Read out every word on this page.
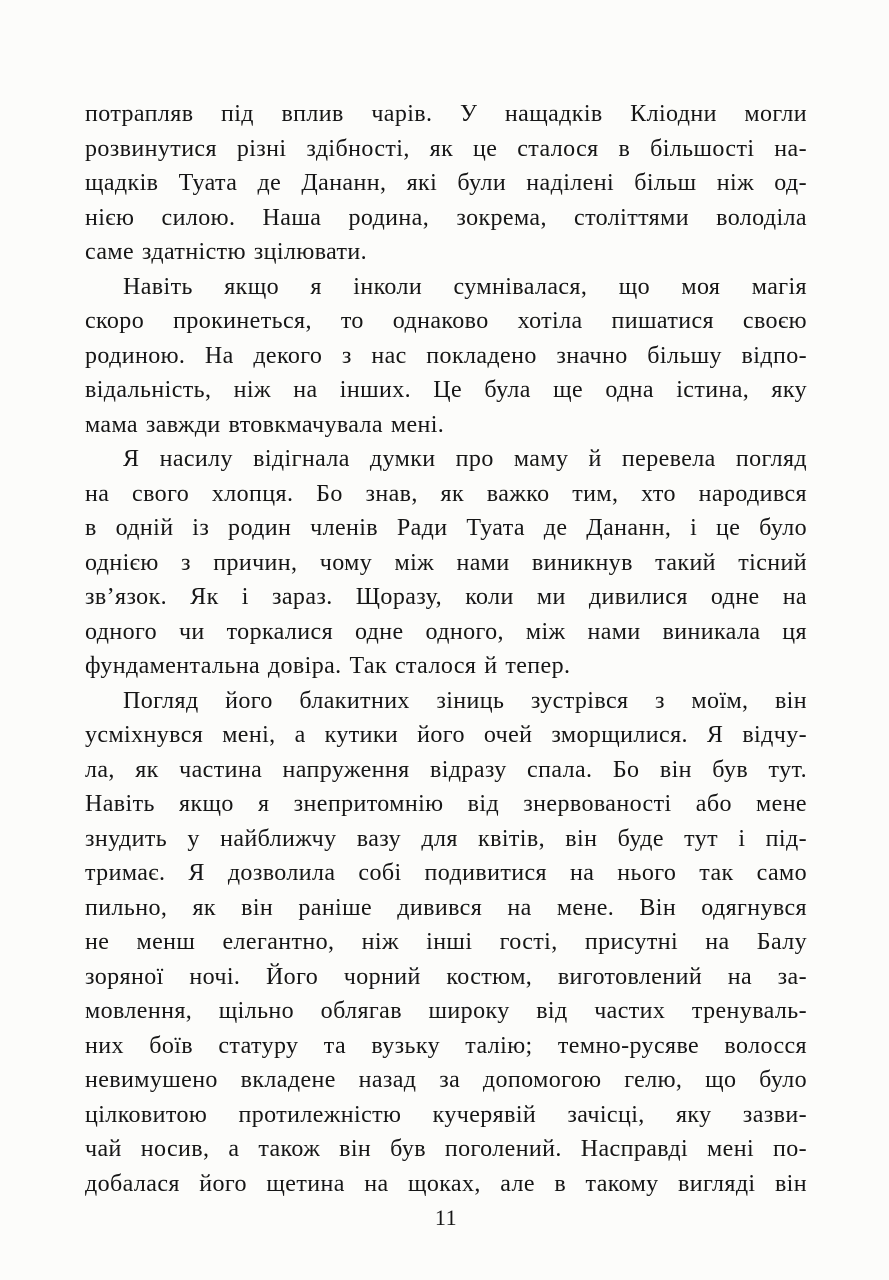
потрапляв під вплив чарів. У нащадків Кліодни могли
розвинутися різні здібності, як це сталося в більшості на-
щадків Туата де Дананн, які були наділені більш ніж од-
нією силою. Наша родина, зокрема, століттями володіла
саме здатністю зцілювати.
Навіть якщо я інколи сумнівалася, що моя магія
скоро прокинеться, то однаково хотіла пишатися своєю
родиною. На декого з нас покладено значно більшу відпо-
відальність, ніж на інших. Це була ще одна істина, яку
мама завжди втовкмачувала мені.
Я насилу відігнала думки про маму й перевела погляд
на свого хлопця. Бо знав, як важко тим, хто народився
в одній із родин членів Ради Туата де Дананн, і це було
однією з причин, чому між нами виникнув такий тісний
зв’язок. Як і зараз. Щоразу, коли ми дивилися одне на
одного чи торкалися одне одного, між нами виникала ця
фундаментальна довіра. Так сталося й тепер.
Погляд його блакитних зіниць зустрівся з моїм, він
усміхнувся мені, а кутики його очей зморщилися. Я відчу-
ла, як частина напруження відразу спала. Бо він був тут.
Навіть якщо я знепритомнію від знервованості або мене
знудить у найближчу вазу для квітів, він буде тут і під-
тримає. Я дозволила собі подивитися на нього так само
пильно, як він раніше дивився на мене. Він одягнувся
не менш елегантно, ніж інші гості, присутні на Балу
зоряної ночі. Його чорний костюм, виготовлений на за-
мовлення, щільно облягав широку від частих тренуваль-
них боїв статуру та вузьку талію; темно-русяве волосся
невимушено вкладене назад за допомогою гелю, що було
цілковитою протилежністю кучерявій зачісці, яку зазви-
чай носив, а також він був поголений. Насправді мені по-
добалася його щетина на щоках, але в такому вигляді він
11
